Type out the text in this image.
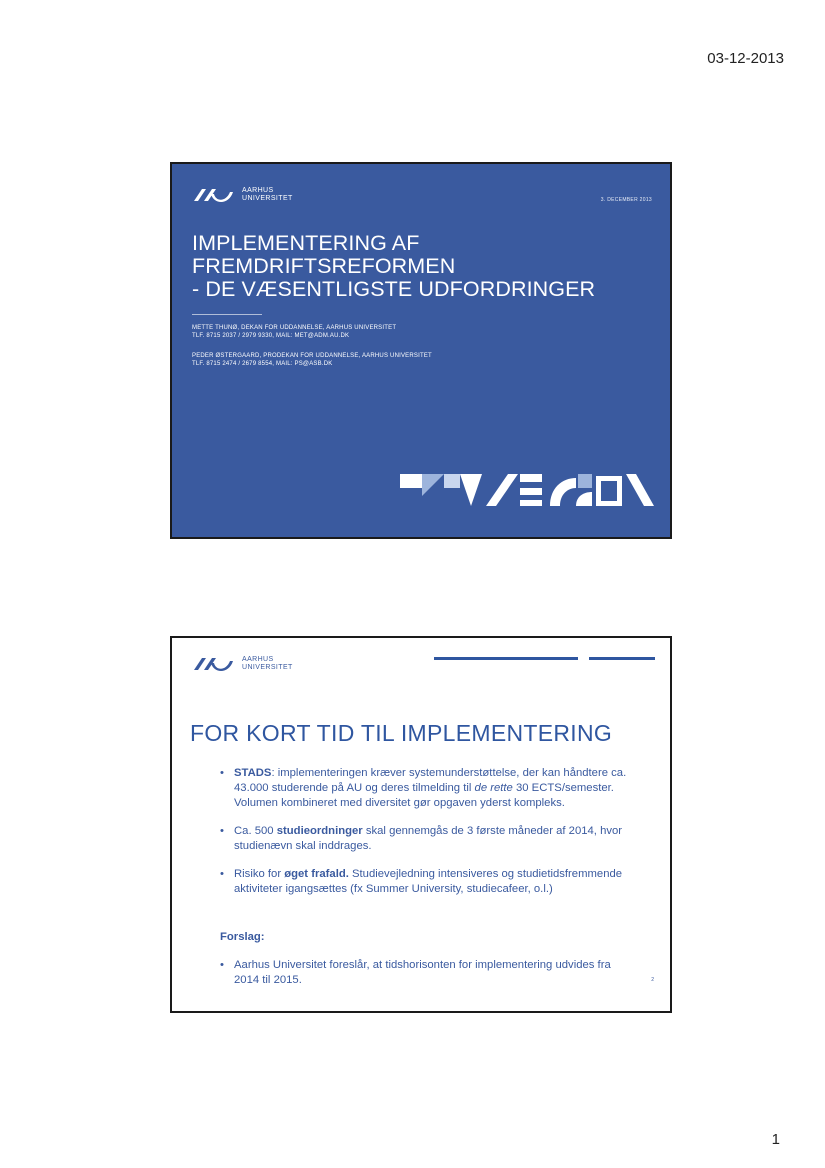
03-12-2013
AARHUS
UNIVERSITET	3. DECEMBER 2013
IMPLEMENTERING AF
FREMDRIFTSREFORMEN
- DE VÆSENTLIGSTE UDFORDRINGER
METTE THUNØ, DEKAN FOR UDDANNELSE, AARHUS UNIVERSITET
TLF. 8715 2037 / 2979 9330, MAIL: MET@ADM.AU.DK
PEDER ØSTERGAARD, PRODEKAN FOR UDDANNELSE, AARHUS UNIVERSITET
TLF. 8715 2474 / 2679 8554, MAIL: PS@ASB.DK
AARHUS
UNIVERSITET
FOR KORT TID TIL IMPLEMENTERING
• STADS: implementeringen kræver systemunderstøttelse, der kan håndtere ca. 43.000 studerende på AU og deres tilmelding til de rette 30 ECTS/semester. Volumen kombineret med diversitet gør opgaven yderst kompleks.
• Ca. 500 studieordninger skal gennemgås de 3 første måneder af 2014, hvor studienævn skal inddrages.
• Risiko for øget frafald. Studievejledning intensiveres og studietidsfremmende aktiviteter igangsættes (fx Summer University, studiecafeer, o.l.)
Forslag:
• Aarhus Universitet foreslår, at tidshorisonten for implementering udvides fra 2014 til 2015.	2
1
